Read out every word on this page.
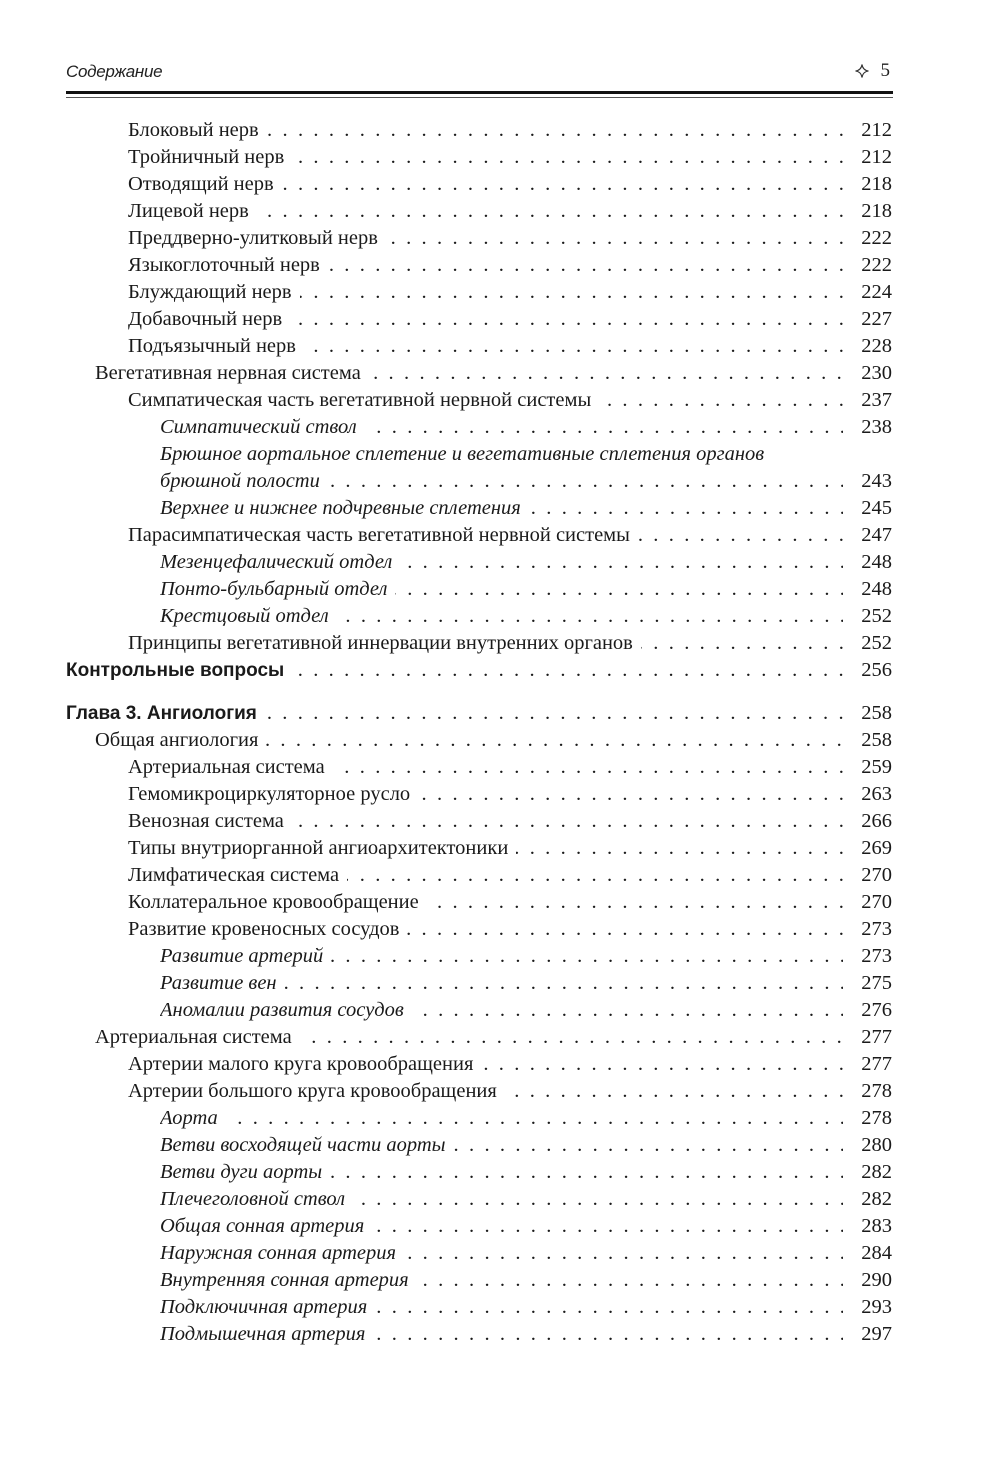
Содержание	5
Блоковый нерв . . .	212
Тройничный нерв . . .	212
Отводящий нерв . . .	218
Лицевой нерв . . .	218
Преддверно-улитковый нерв . . .	222
Языкоглоточный нерв . . .	222
Блуждающий нерв . . .	224
Добавочный нерв . . .	227
Подъязычный нерв . . .	228
Вегетативная нервная система . . .	230
Симпатическая часть вегетативной нервной системы . . .	237
Симпатический ствол . . .	238
Брюшное аортальное сплетение и вегетативные сплетения органов
брюшной полости . . .	243
Верхнее и нижнее подчревные сплетения . . .	245
Парасимпатическая часть вегетативной нервной системы . . .	247
Мезенцефалический отдел . . .	248
Понто-бульбарный отдел . . .	248
Крестцовый отдел . . .	252
Принципы вегетативной иннервации внутренних органов . . .	252
Контрольные вопросы . . .	256
Глава 3. Ангиология . . .	258
Общая ангиология . . .	258
Артериальная система . . .	259
Гемомикроциркуляторное русло . . .	263
Венозная система . . .	266
Типы внутриорганной ангиоархитектоники . . .	269
Лимфатическая система . . .	270
Коллатеральное кровообращение . . .	270
Развитие кровеносных сосудов . . .	273
Развитие артерий . . .	273
Развитие вен . . .	275
Аномалии развития сосудов . . .	276
Артериальная система . . .	277
Артерии малого круга кровообращения . . .	277
Артерии большого круга кровообращения . . .	278
Аорта . . .	278
Ветви восходящей части аорты . . .	280
Ветви дуги аорты . . .	282
Плечеголовной ствол . . .	282
Общая сонная артерия . . .	283
Наружная сонная артерия . . .	284
Внутренняя сонная артерия . . .	290
Подключичная артерия . . .	293
Подмышечная артерия . . .	297
